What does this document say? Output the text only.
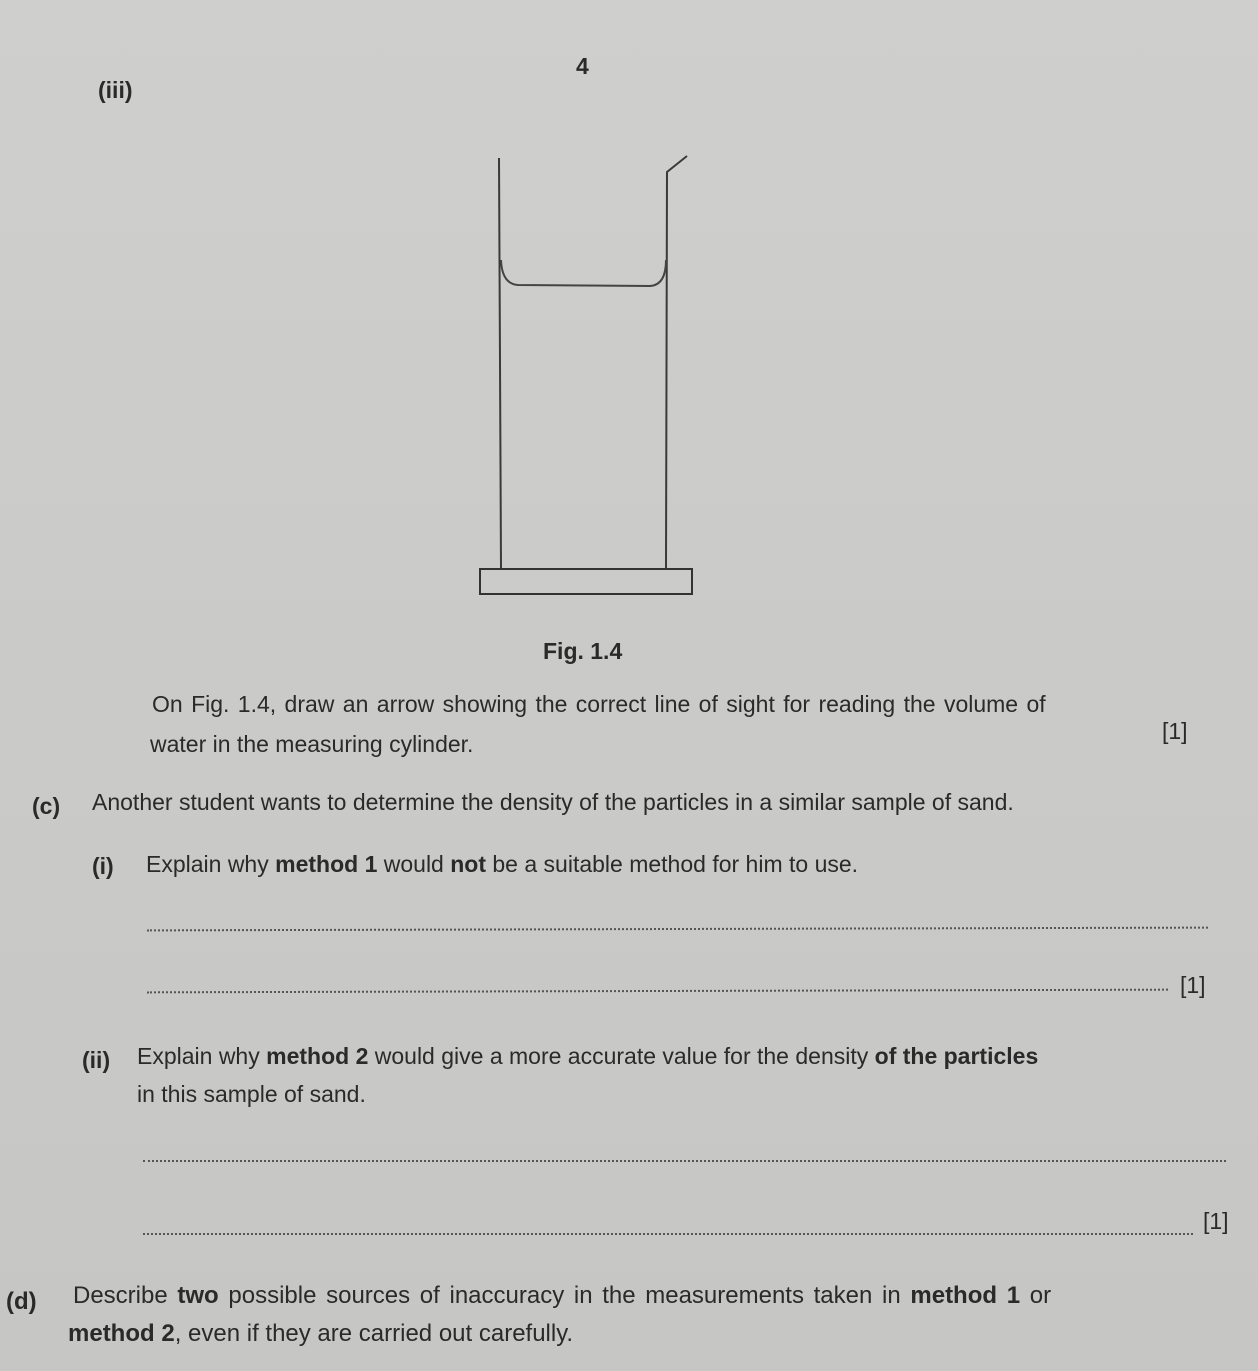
4
(iii)
Fig. 1.4
On Fig. 1.4, draw an arrow showing the correct line of sight for reading the volume of
water in the measuring cylinder.	[1]
(c) Another student wants to determine the density of the particles in a similar sample of sand.
(i) Explain why method 1 would not be a suitable method for him to use.
[1]
(ii) Explain why method 2 would give a more accurate value for the density of the particles
in this sample of sand.
[1]
(d) Describe two possible sources of inaccuracy in the measurements taken in method 1 or
method 2, even if they are carried out carefully.
